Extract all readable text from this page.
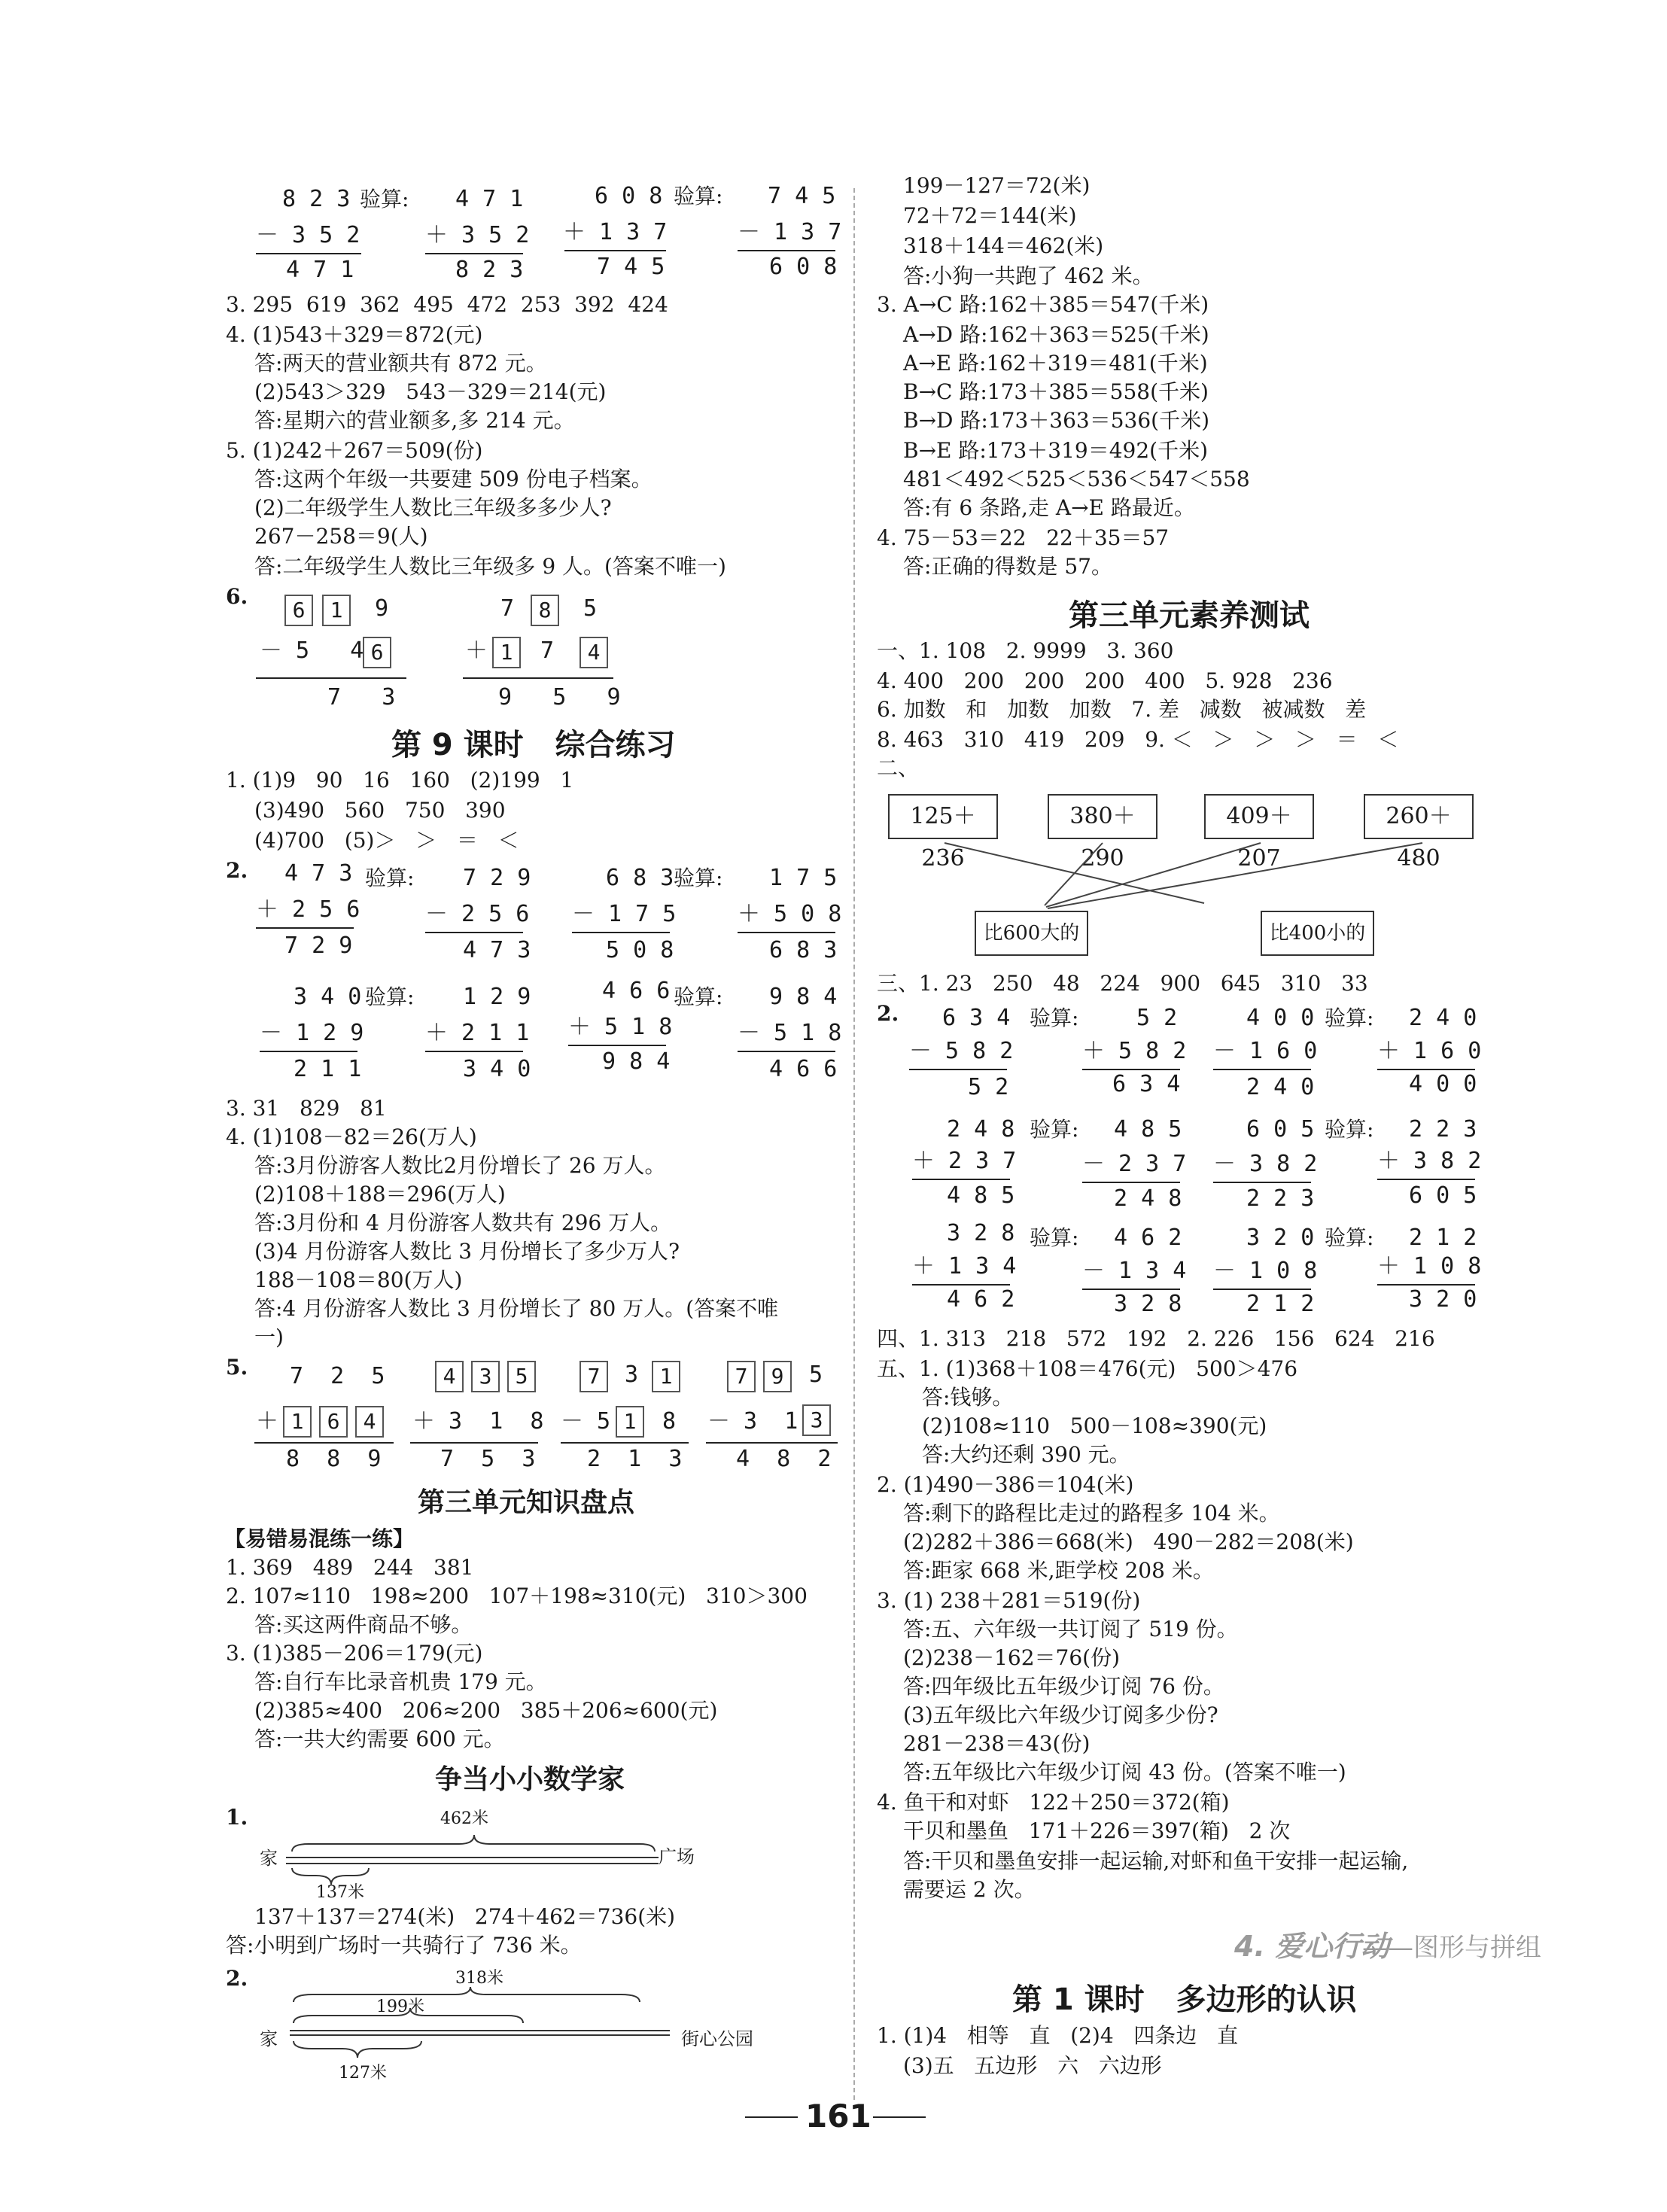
8 2 3 验算: 4 7 1
－ 3 5 2	＋ 3 5 2
4 7 1	8 2 3
6 0 8 验算: 7 4 5
＋ 1 3 7	－ 1 3 7
7 4 5	6 0 8
3. 295  619  362  495  472  253  392  424
4. (1)543＋329＝872(元)
答:两天的营业额共有 872 元。
(2)543＞329   543－329＝214(元)
答:星期六的营业额多,多 214 元。
5. (1)242＋267＝509(份)
答:这两个年级一共要建 509 份电子档案。
(2)二年级学生人数比三年级多多少人?
267－258＝9(人)
答:二年级学生人数比三年级多 9 人。(答案不唯一)
6.
6	1	9
－ 5   4 6
7   3
7	8	5
＋ 1	7	4
9   5   9
第 9 课时   综合练习
1. (1)9   90   16   160   (2)199   1
(3)490   560   750   390
(4)700   (5)＞   ＞   ＝   ＜
2. 4 7 3 验算: 7 2 9
＋ 2 5 6	－ 2 5 6
7 2 9	4 7 3
6 8 3 验算: 1 7 5
－ 1 7 5	＋ 5 0 8
5 0 8	6 8 3
3 4 0 验算: 1 2 9
－ 1 2 9	＋ 2 1 1
2 1 1	3 4 0
4 6 6 验算: 9 8 4
＋ 5 1 8	－ 5 1 8
9 8 4	4 6 6
3. 31   829   81
4. (1)108－82＝26(万人)
答:3月份游客人数比2月份增长了 26 万人。
(2)108＋188＝296(万人)
答:3月份和 4 月份游客人数共有 296 万人。
(3)4 月份游客人数比 3 月份增长了多少万人?
188－108＝80(万人)
答:4 月份游客人数比 3 月份增长了 80 万人。(答案不唯
一)
5. 7  2  5
＋ 1	6	4
8  8  9
4	3	5
＋ 3  1  8
7  5  3
7	3	1
－ 5 1	8
2  1  3
7	9	5
－ 3  1 3
4  8  2
第三单元知识盘点
【易错易混练一练】
1. 369   489   244   381
2. 107≈110   198≈200   107＋198≈310(元)   310＞300
答:买这两件商品不够。
3. (1)385－206＝179(元)
答:自行车比录音机贵 179 元。
(2)385≈400   206≈200   385＋206≈600(元)
答:一共大约需要 600 元。
争当小小数学家
1.	462米
家	广场
137米
137＋137＝274(米)   274＋462＝736(米)
答:小明到广场时一共骑行了 736 米。
2.	318米
199米
家	街心公园
127米
199－127＝72(米)
72＋72＝144(米)
318＋144＝462(米)
答:小狗一共跑了 462 米。
3. A→C 路:162＋385＝547(千米)
A→D 路:162＋363＝525(千米)
A→E 路:162＋319＝481(千米)
B→C 路:173＋385＝558(千米)
B→D 路:173＋363＝536(千米)
B→E 路:173＋319＝492(千米)
481＜492＜525＜536＜547＜558
答:有 6 条路,走 A→E 路最近。
4. 75－53＝22   22＋35＝57
答:正确的得数是 57。
第三单元素养测试
一、1. 108   2. 9999   3. 360
4. 400   200   200   200   400   5. 928   236
6. 加数   和   加数   加数   7. 差   减数   被减数   差
8. 463   310   419   209   9. ＜   ＞   ＞   ＞   ＝   ＜
二、
125＋236
380＋290
409＋207
260＋480
比600大的	比400小的
三、1. 23   250   48   224   900   645   310   33
2. 6 3 4 验算:	5 2
－ 5 8 2	＋ 5 8 2
5 2	6 3 4
4 0 0 验算: 2 4 0
－ 1 6 0	＋ 1 6 0
2 4 0	4 0 0
2 4 8 验算: 4 8 5
＋ 2 3 7	－ 2 3 7
4 8 5	2 4 8
6 0 5 验算: 2 2 3
－ 3 8 2	＋ 3 8 2
2 2 3	6 0 5
3 2 8 验算: 4 6 2
＋ 1 3 4	－ 1 3 4
4 6 2	3 2 8
3 2 0 验算: 2 1 2
－ 1 0 8	＋ 1 0 8
2 1 2	3 2 0
四、1. 313   218   572   192   2. 226   156   624   216
五、1. (1)368＋108＝476(元)   500＞476
答:钱够。
(2)108≈110   500－108≈390(元)
答:大约还剩 390 元。
2. (1)490－386＝104(米)
答:剩下的路程比走过的路程多 104 米。
(2)282＋386＝668(米)   490－282＝208(米)
答:距家 668 米,距学校 208 米。
3. (1) 238＋281＝519(份)
答:五、六年级一共订阅了 519 份。
(2)238－162＝76(份)
答:四年级比五年级少订阅 76 份。
(3)五年级比六年级少订阅多少份?
281－238＝43(份)
答:五年级比六年级少订阅 43 份。(答案不唯一)
4. 鱼干和对虾   122＋250＝372(箱)
干贝和墨鱼   171＋226＝397(箱)   2 次
答:干贝和墨鱼安排一起运输,对虾和鱼干安排一起运输,
需要运 2 次。
4. 爱心行动
——图形与拼组
第 1 课时   多边形的认识
1. (1)4   相等   直   (2)4   四条边   直
(3)五   五边形   六   六边形
161
